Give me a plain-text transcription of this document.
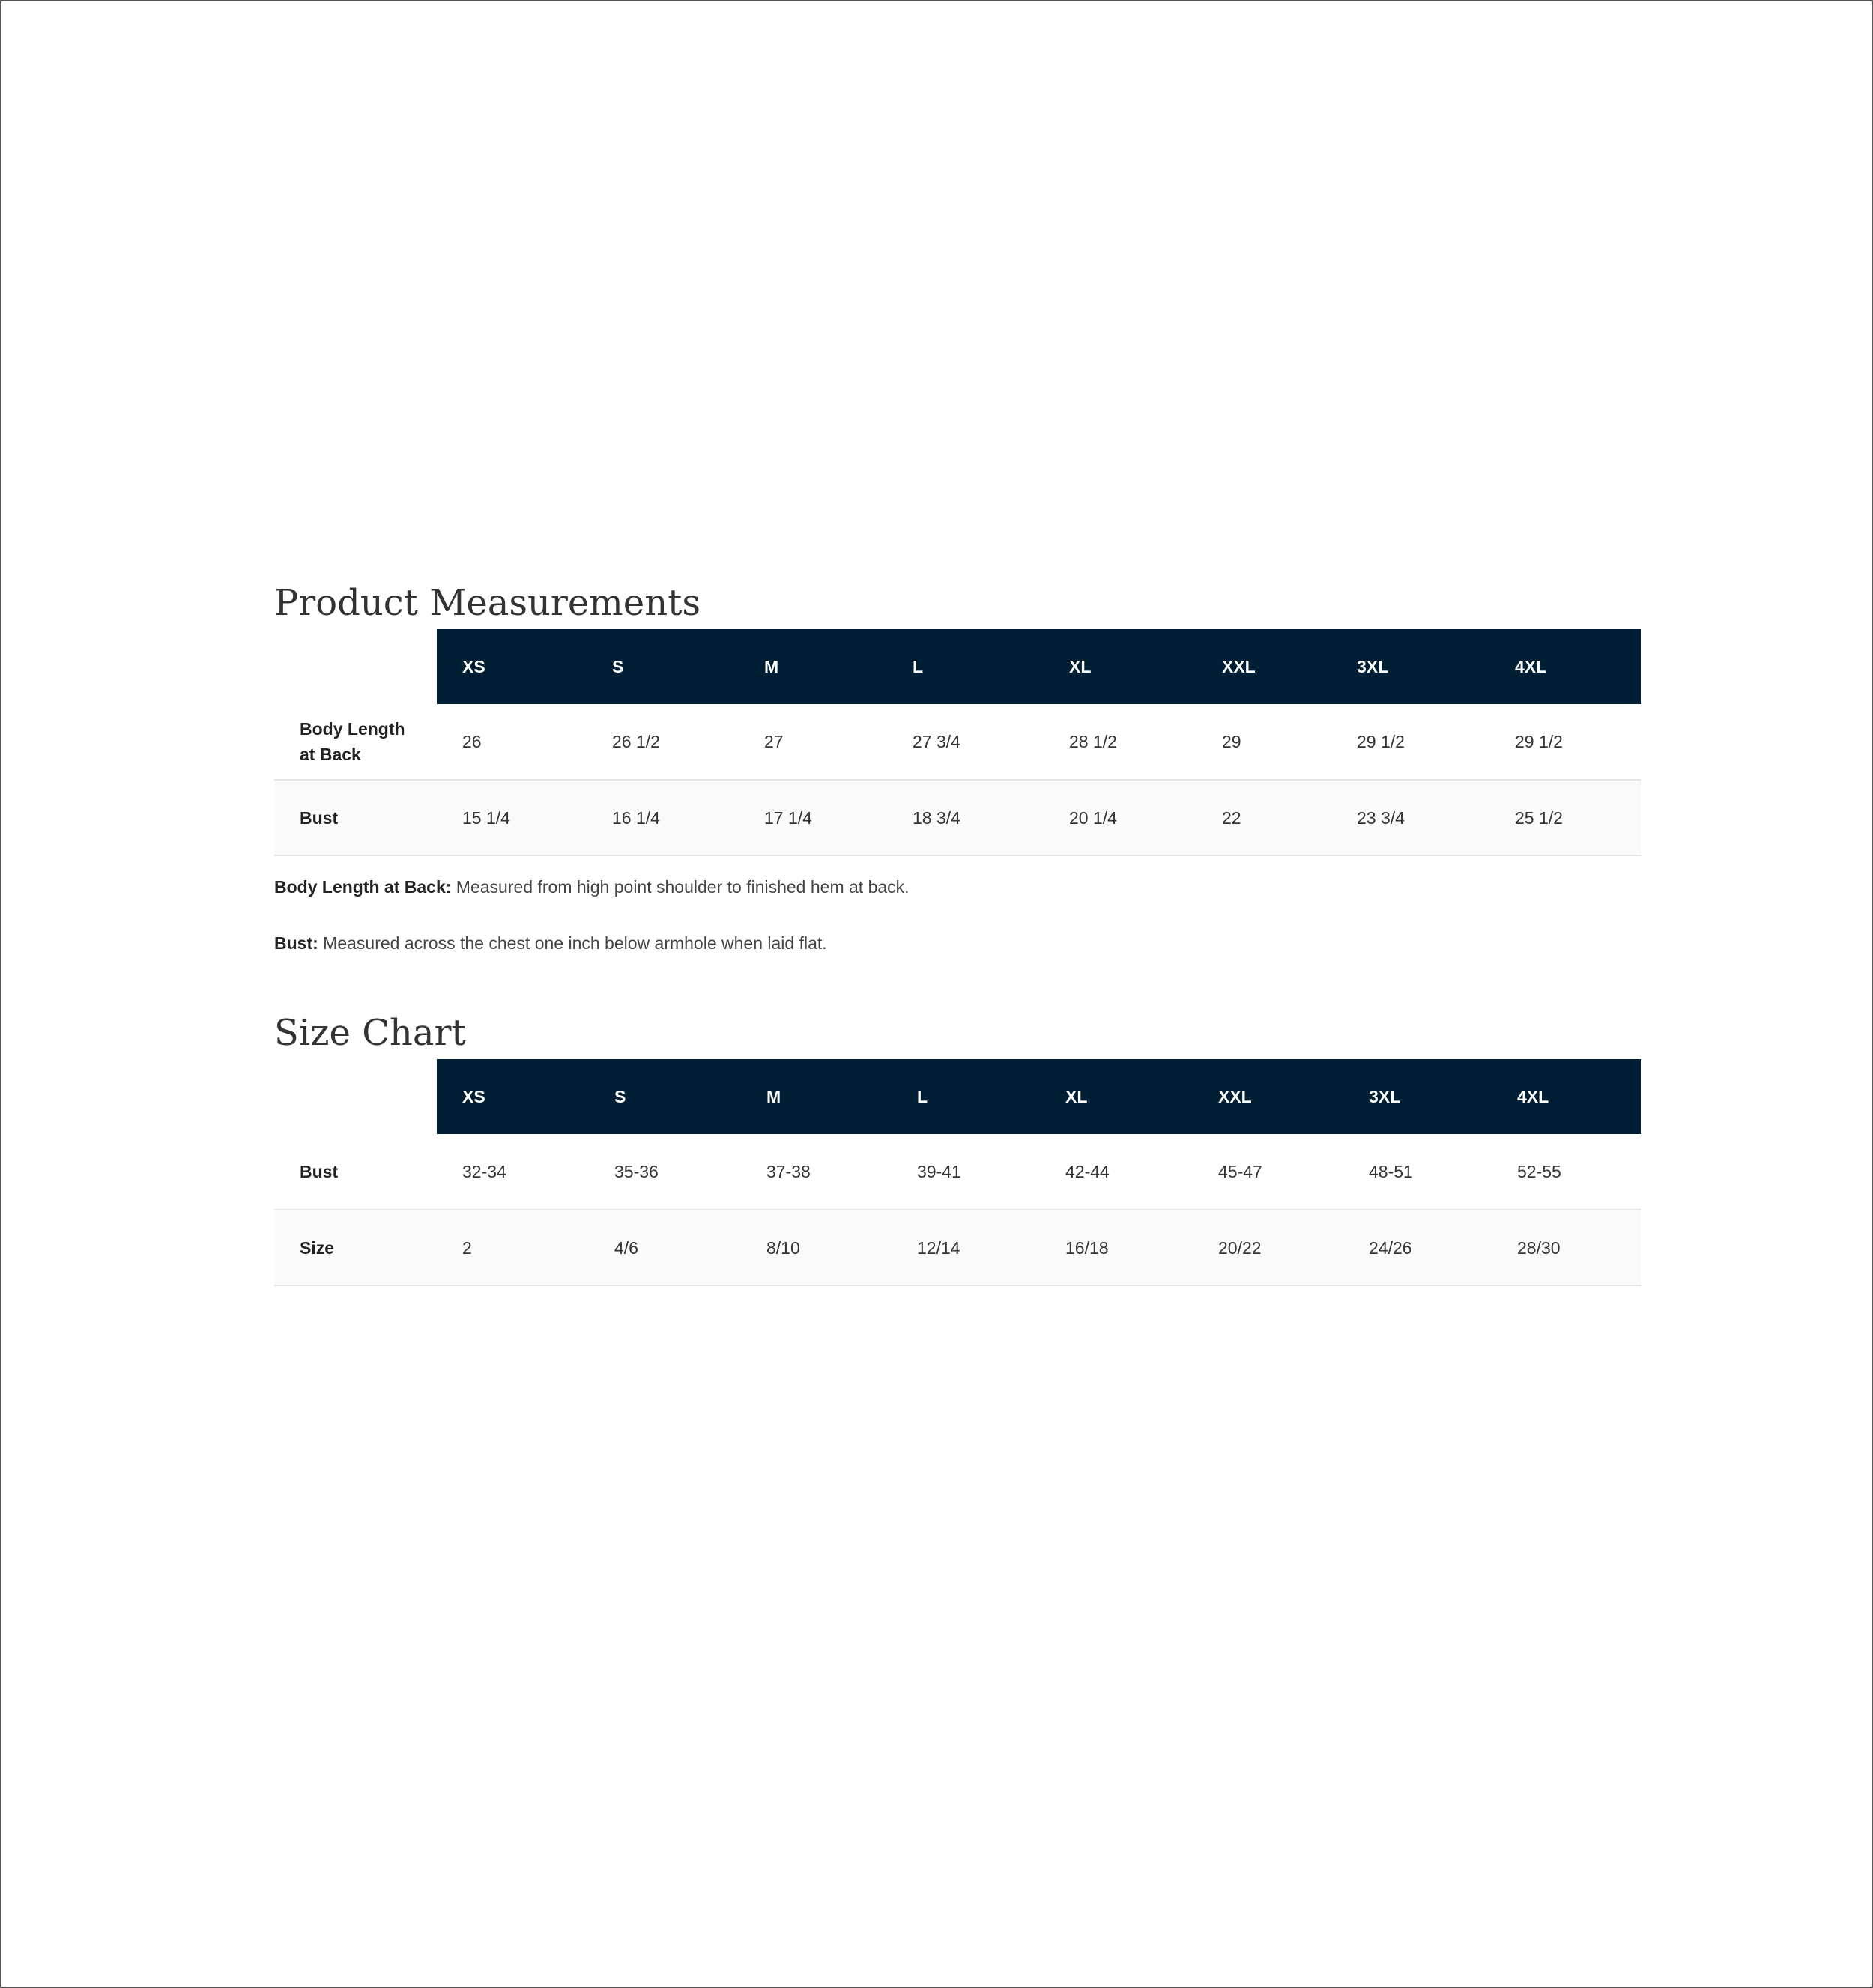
Product Measurements
	XS	S	M	L	XL	XXL	3XL	4XL
Body Length at Back	26	26 1/2	27	27 3/4	28 1/2	29	29 1/2	29 1/2
Bust	15 1/4	16 1/4	17 1/4	18 3/4	20 1/4	22	23 3/4	25 1/2

Body Length at Back: Measured from high point shoulder to finished hem at back.

Bust: Measured across the chest one inch below armhole when laid flat.

Size Chart
	XS	S	M	L	XL	XXL	3XL	4XL
Bust	32-34	35-36	37-38	39-41	42-44	45-47	48-51	52-55
Size	2	4/6	8/10	12/14	16/18	20/22	24/26	28/30
